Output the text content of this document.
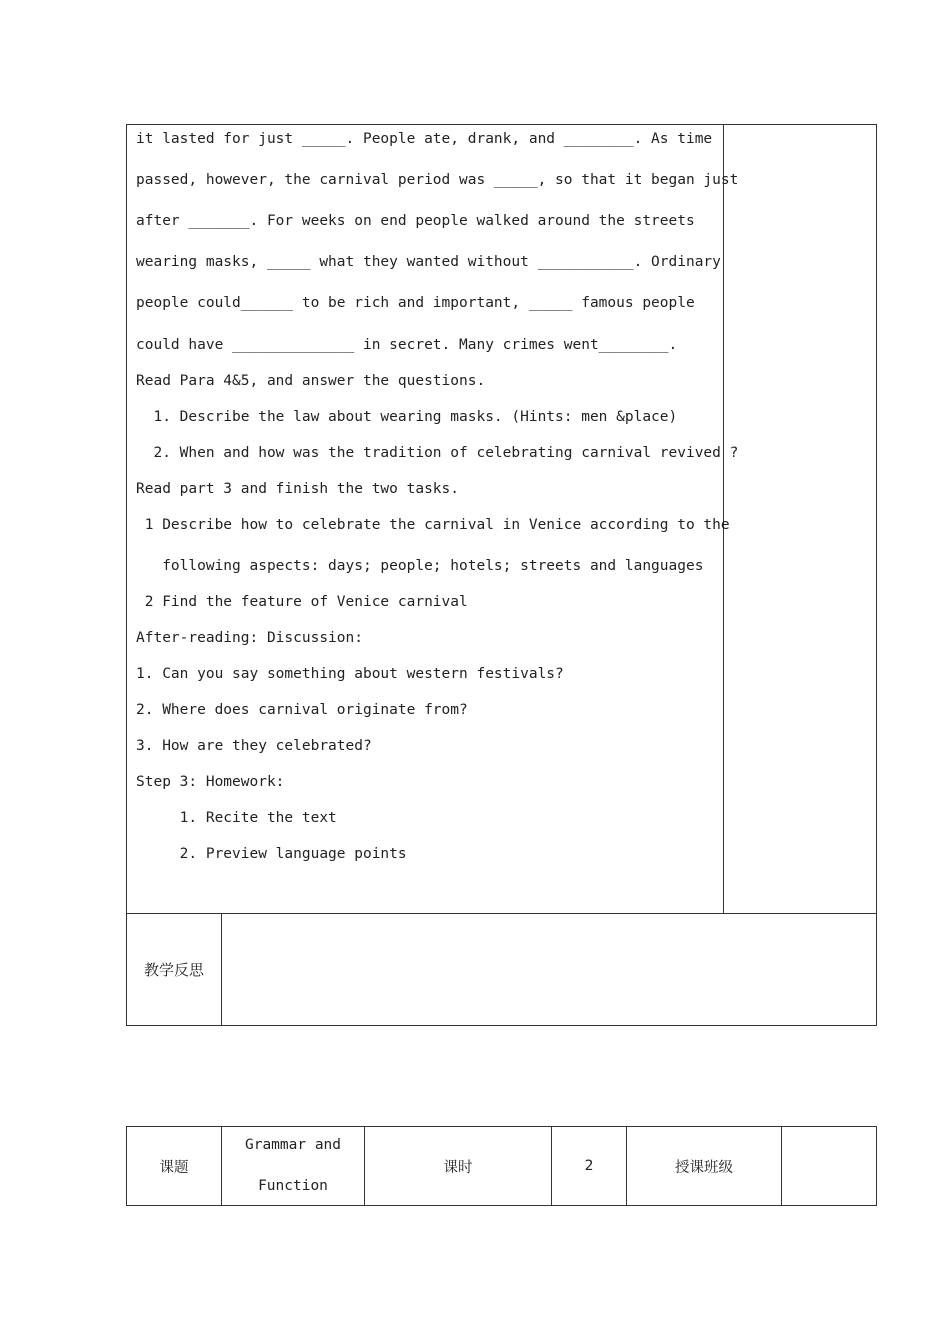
it lasted for just _____. People ate, drank, and ________. As time
passed, however, the carnival period was _____, so that it began just
after _______. For weeks on end people walked around the streets
wearing masks, _____ what they wanted without ___________. Ordinary
people could______ to be rich and important, _____ famous people
could have ______________ in secret. Many crimes went________.
Read Para 4&5, and answer the questions.
1. Describe the law about wearing masks. (Hints: men &place)
2. When and how was the tradition of celebrating carnival revived ?
Read part 3 and finish the two tasks.
1 Describe how to celebrate the carnival in Venice according to the
following aspects: days; people; hotels; streets and languages
2 Find the feature of Venice carnival
After-reading: Discussion:
1. Can you say something about western festivals?
2. Where does carnival originate from?
3. How are they celebrated?
Step 3: Homework:
1. Recite the text
2. Preview language points
教学反思
课题
Grammar and
Function
课时	2	授课班级
